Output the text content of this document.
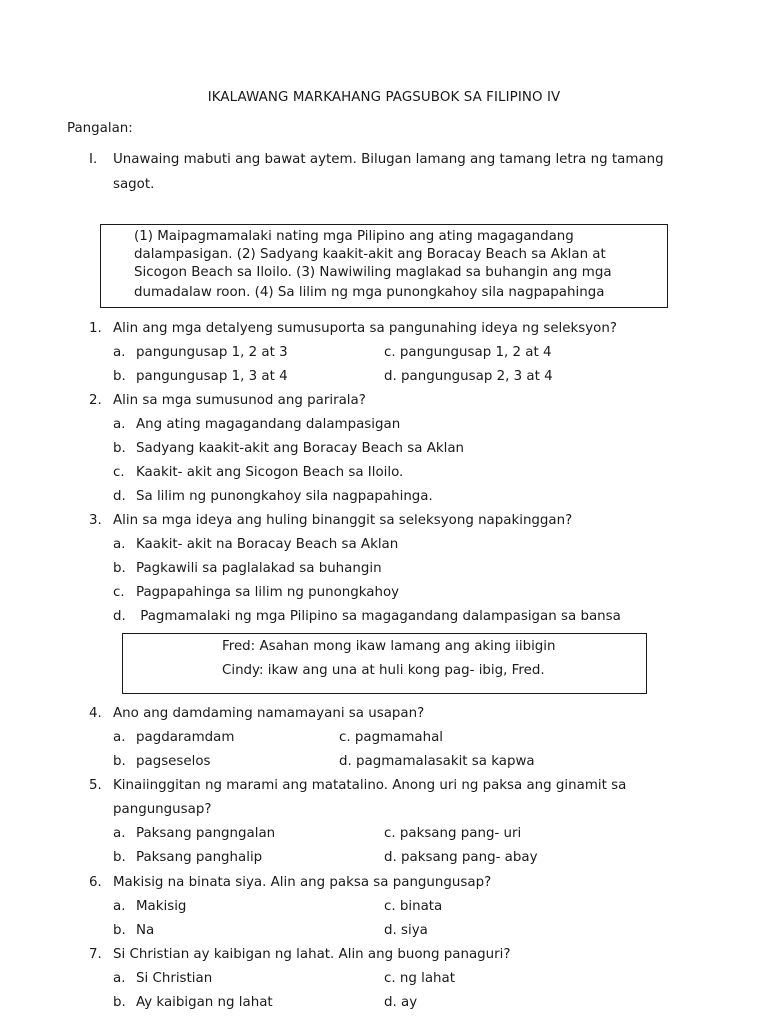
IKALAWANG MARKAHANG PAGSUBOK SA FILIPINO IV
Pangalan:
I. Unawaing mabuti ang bawat aytem. Bilugan lamang ang tamang letra ng tamang
sagot.
(1) Maipagmamalaki nating mga Pilipino ang ating magagandang
dalampasigan. (2) Sadyang kaakit-akit ang Boracay Beach sa Aklan at
Sicogon Beach sa Iloilo. (3) Nawiwiling maglakad sa buhangin ang mga
dumadalaw roon. (4) Sa lilim ng mga punongkahoy sila nagpapahinga
1. Alin ang mga detalyeng sumusuporta sa pangunahing ideya ng seleksyon?
a. pangungusap 1, 2 at 3	c. pangungusap 1, 2 at 4
b. pangungusap 1, 3 at 4	d. pangungusap 2, 3 at 4
2. Alin sa mga sumusunod ang parirala?
a. Ang ating magagandang dalampasigan
b. Sadyang kaakit-akit ang Boracay Beach sa Aklan
c. Kaakit- akit ang Sicogon Beach sa Iloilo.
d. Sa lilim ng punongkahoy sila nagpapahinga.
3. Alin sa mga ideya ang huling binanggit sa seleksyong napakinggan?
a. Kaakit- akit na Boracay Beach sa Aklan
b. Pagkawili sa paglalakad sa buhangin
c. Pagpapahinga sa lilim ng punongkahoy
d. Pagmamalaki ng mga Pilipino sa magagandang dalampasigan sa bansa
Fred: Asahan mong ikaw lamang ang aking iibigin
Cindy: ikaw ang una at huli kong pag- ibig, Fred.
4. Ano ang damdaming namamayani sa usapan?
a. pagdaramdam	c. pagmamahal
b. pagseselos	d. pagmamalasakit sa kapwa
5. Kinaiinggitan ng marami ang matatalino. Anong uri ng paksa ang ginamit sa
pangungusap?
a. Paksang pangngalan	c. paksang pang- uri
b. Paksang panghalip	d. paksang pang- abay
6. Makisig na binata siya. Alin ang paksa sa pangungusap?
a. Makisig	c. binata
b. Na	d. siya
7. Si Christian ay kaibigan ng lahat. Alin ang buong panaguri?
a. Si Christian	c. ng lahat
b. Ay kaibigan ng lahat	d. ay
